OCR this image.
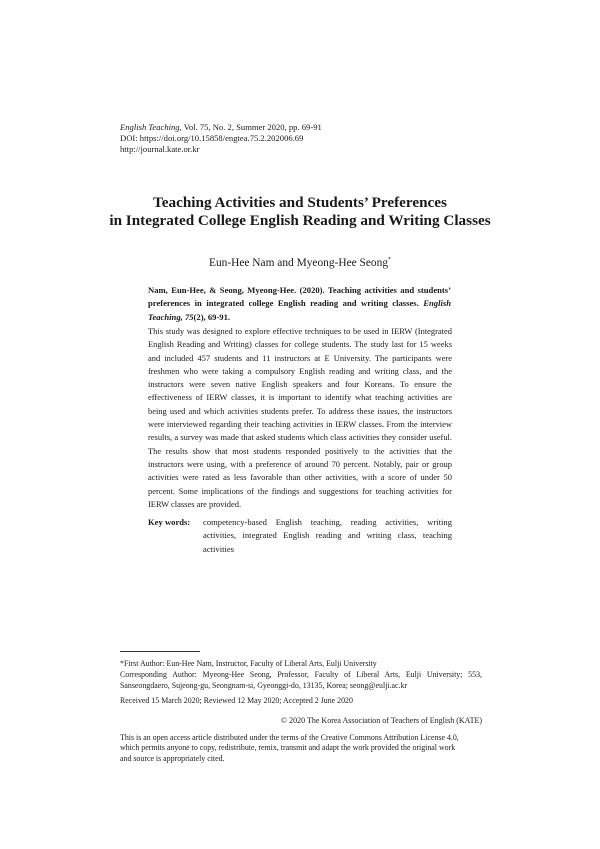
English Teaching, Vol. 75, No. 2, Summer 2020, pp. 69-91
DOI: https://doi.org/10.15858/engtea.75.2.202006.69
http://journal.kate.or.kr
Teaching Activities and Students’ Preferences
in Integrated College English Reading and Writing Classes
Eun-Hee Nam and Myeong-Hee Seong*
Nam, Eun-Hee, & Seong, Myeong-Hee. (2020). Teaching activities and students’ preferences in integrated college English reading and writing classes. English Teaching, 75(2), 69-91.
This study was designed to explore effective techniques to be used in IERW (Integrated English Reading and Writing) classes for college students. The study last for 15 weeks and included 457 students and 11 instructors at E University. The participants were freshmen who were taking a compulsory English reading and writing class, and the instructors were seven native English speakers and four Koreans. To ensure the effectiveness of IERW classes, it is important to identify what teaching activities are being used and which activities students prefer. To address these issues, the instructors were interviewed regarding their teaching activities in IERW classes. From the interview results, a survey was made that asked students which class activities they consider useful. The results show that most students responded positively to the activities that the instructors were using, with a preference of around 70 percent. Notably, pair or group activities were rated as less favorable than other activities, with a score of under 50 percent. Some implications of the findings and suggestions for teaching activities for IERW classes are provided.
Key words: competency-based English teaching, reading activities, writing activities, integrated English reading and writing class, teaching activities
*First Author: Eun-Hee Nam, Instructor, Faculty of Liberal Arts, Eulji University
Corresponding Author: Myeong-Hee Seong, Professor, Faculty of Liberal Arts, Eulji University; 553, Sanseongdaero, Sujeong-gu, Seongnam-si, Gyeonggi-do, 13135, Korea; seong@eulji.ac.kr
Received 15 March 2020; Reviewed 12 May 2020; Accepted 2 June 2020
© 2020 The Korea Association of Teachers of English (KATE)
This is an open access article distributed under the terms of the Creative Commons Attribution License 4.0,
which permits anyone to copy, redistribute, remix, transmit and adapt the work provided the original work
and source is appropriately cited.
